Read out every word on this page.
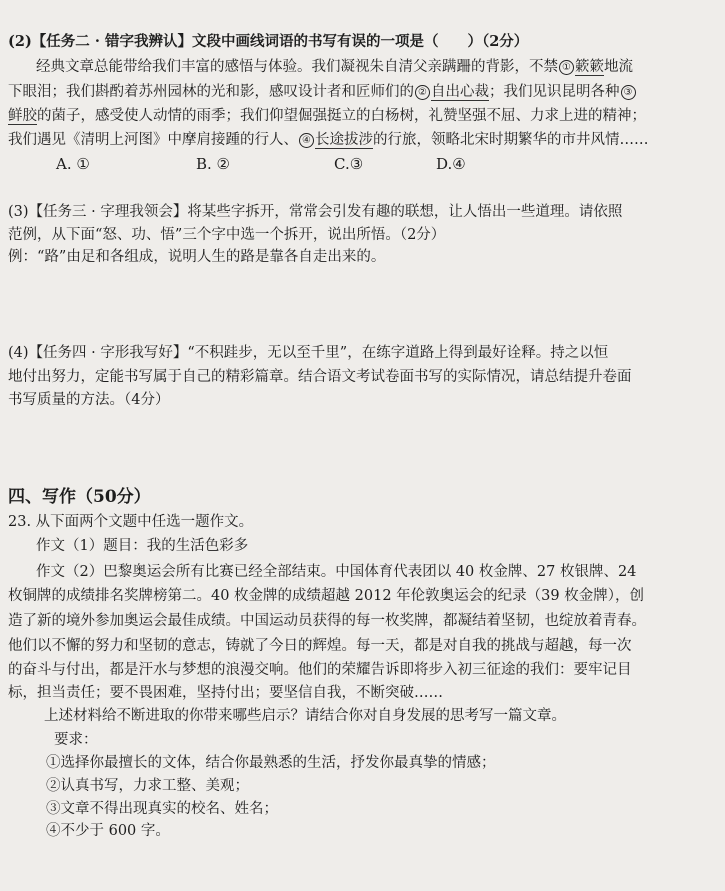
(2)【任务二 · 错字我辨认】文段中画线词语的书写有误的一项是（　　）（2分）
经典文章总能带给我们丰富的感悟与体验。我们凝视朱自清父亲蹒跚的背影，不禁 ① 簌簌地流
下眼泪；我们斟酌着苏州园林的光和影，感叹设计者和匠师们的 ② 自出心裁；我们见识昆明各种 ③
鲜胶的菌子，感受使人动情的雨季；我们仰望倔强挺立的白杨树，礼赞坚强不屈、力求上进的精神；
我们遇见《清明上河图》中摩肩接踵的行人、 ④ 长途拔涉的行旅，领略北宋时期繁华的市井风情……
A. ①	B. ②	C.③	D.④
(3)【任务三 · 字理我领会】将某些字拆开，常常会引发有趣的联想，让人悟出一些道理。请依照
范例，从下面“怒、功、悟”三个字中选一个拆开，说出所悟。（2分）
例：“路”由足和各组成，说明人生的路是靠各自走出来的。
(4)【任务四 · 字形我写好】“不积跬步，无以至千里”，在练字道路上得到最好诠释。持之以恒
地付出努力，定能书写属于自己的精彩篇章。结合语文考试卷面书写的实际情况，请总结提升卷面
书写质量的方法。（4分）
四、写作（50分）
23. 从下面两个文题中任选一题作文。
作文（1）题目：我的生活色彩多
作文（2）巴黎奥运会所有比赛已经全部结束。中国体育代表团以 40 枚金牌、27 枚银牌、24
枚铜牌的成绩排名奖牌榜第二。40 枚金牌的成绩超越 2012 年伦敦奥运会的纪录（39 枚金牌），创
造了新的境外参加奥运会最佳成绩。中国运动员获得的每一枚奖牌，都凝结着坚韧，也绽放着青春。
他们以不懈的努力和坚韧的意志，铸就了今日的辉煌。每一天，都是对自我的挑战与超越，每一次
的奋斗与付出，都是汗水与梦想的浪漫交响。他们的荣耀告诉即将步入初三征途的我们：要牢记目
标，担当责任；要不畏困难，坚持付出；要坚信自我，不断突破……
上述材料给不断进取的你带来哪些启示？请结合你对自身发展的思考写一篇文章。
要求：
①选择你最擅长的文体，结合你最熟悉的生活，抒发你最真挚的情感；
②认真书写，力求工整、美观；
③文章不得出现真实的校名、姓名；
④不少于 600 字。
